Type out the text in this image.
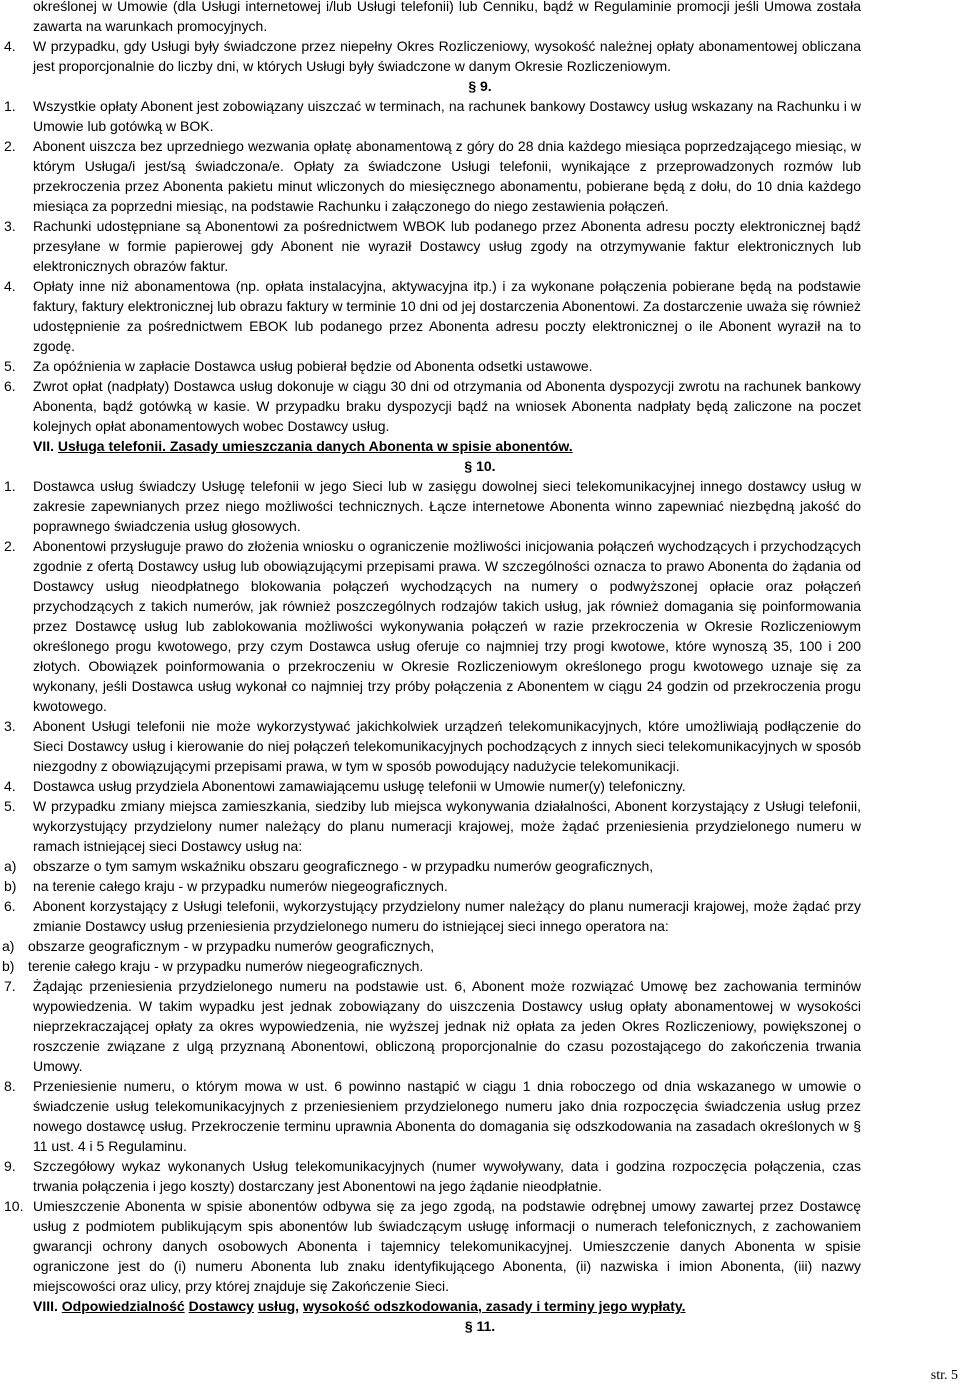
określonej w Umowie (dla Usługi internetowej i/lub Usługi telefonii) lub Cenniku, bądź w Regulaminie promocji jeśli Umowa została zawarta na warunkach promocyjnych.
4. W przypadku, gdy Usługi były świadczone przez niepełny Okres Rozliczeniowy, wysokość należnej opłaty abonamentowej obliczana jest proporcjonalnie do liczby dni, w których Usługi były świadczone w danym Okresie Rozliczeniowym.
§ 9.
1. Wszystkie opłaty Abonent jest zobowiązany uiszczać w terminach, na rachunek bankowy Dostawcy usług wskazany na Rachunku i w Umowie lub gotówką w BOK.
2. Abonent uiszcza bez uprzedniego wezwania opłatę abonamentową z góry do 28 dnia każdego miesiąca poprzedzającego miesiąc, w którym Usługa/i jest/są świadczona/e. Opłaty za świadczone Usługi telefonii, wynikające z przeprowadzonych rozmów lub przekroczenia przez Abonenta pakietu minut wliczonych do miesięcznego abonamentu, pobierane będą z dołu, do 10 dnia każdego miesiąca za poprzedni miesiąc, na podstawie Rachunku i załączonego do niego zestawienia połączeń.
3. Rachunki udostępniane są Abonentowi za pośrednictwem WBOK lub podanego przez Abonenta adresu poczty elektronicznej bądź przesyłane w formie papierowej gdy Abonent nie wyraził Dostawcy usług zgody na otrzymywanie faktur elektronicznych lub elektronicznych obrazów faktur.
4. Opłaty inne niż abonamentowa (np. opłata instalacyjna, aktywacyjna itp.) i za wykonane połączenia pobierane będą na podstawie faktury, faktury elektronicznej lub obrazu faktury w terminie 10 dni od jej dostarczenia Abonentowi. Za dostarczenie uważa się również udostępnienie za pośrednictwem EBOK lub podanego przez Abonenta adresu poczty elektronicznej o ile Abonent wyraził na to zgodę.
5. Za opóźnienia w zapłacie Dostawca usług pobierał będzie od Abonenta odsetki ustawowe.
6. Zwrot opłat (nadpłaty) Dostawca usług dokonuje w ciągu 30 dni od otrzymania od Abonenta dyspozycji zwrotu na rachunek bankowy Abonenta, bądź gotówką w kasie. W przypadku braku dyspozycji bądź na wniosek Abonenta nadpłaty będą zaliczone na poczet kolejnych opłat abonamentowych wobec Dostawcy usług.
VII. Usługa telefonii. Zasady umieszczania danych Abonenta w spisie abonentów.
§ 10.
1. Dostawca usług świadczy Usługę telefonii w jego Sieci lub w zasięgu dowolnej sieci telekomunikacyjnej innego dostawcy usług w zakresie zapewnianych przez niego możliwości technicznych. Łącze internetowe Abonenta winno zapewniać niezbędną jakość do poprawnego świadczenia usług głosowych.
2. Abonentowi przysługuje prawo do złożenia wniosku o ograniczenie możliwości inicjowania połączeń wychodzących i przychodzących zgodnie z ofertą Dostawcy usług lub obowiązującymi przepisami prawa. W szczególności oznacza to prawo Abonenta do żądania od Dostawcy usług nieodpłatnego blokowania połączeń wychodzących na numery o podwyższonej opłacie oraz połączeń przychodzących z takich numerów, jak również poszczególnych rodzajów takich usług, jak również domagania się poinformowania przez Dostawcę usług lub zablokowania możliwości wykonywania połączeń w razie przekroczenia w Okresie Rozliczeniowym określonego progu kwotowego, przy czym Dostawca usług oferuje co najmniej trzy progi kwotowe, które wynoszą 35, 100 i 200 złotych. Obowiązek poinformowania o przekroczeniu w Okresie Rozliczeniowym określonego progu kwotowego uznaje się za wykonany, jeśli Dostawca usług wykonał co najmniej trzy próby połączenia z Abonentem w ciągu 24 godzin od przekroczenia progu kwotowego.
3. Abonent Usługi telefonii nie może wykorzystywać jakichkolwiek urządzeń telekomunikacyjnych, które umożliwiają podłączenie do Sieci Dostawcy usług i kierowanie do niej połączeń telekomunikacyjnych pochodzących z innych sieci telekomunikacyjnych w sposób niezgodny z obowiązującymi przepisami prawa, w tym w sposób powodujący nadużycie telekomunikacji.
4. Dostawca usług przydziela Abonentowi zamawiającemu usługę telefonii w Umowie numer(y) telefoniczny.
5. W przypadku zmiany miejsca zamieszkania, siedziby lub miejsca wykonywania działalności, Abonent korzystający z Usługi telefonii, wykorzystujący przydzielony numer należący do planu numeracji krajowej, może żądać przeniesienia przydzielonego numeru w ramach istniejącej sieci Dostawcy usług na:
a) obszarze o tym samym wskaźniku obszaru geograficznego - w przypadku numerów geograficznych,
b) na terenie całego kraju - w przypadku numerów niegeograficznych.
6. Abonent korzystający z Usługi telefonii, wykorzystujący przydzielony numer należący do planu numeracji krajowej, może żądać przy zmianie Dostawcy usług przeniesienia przydzielonego numeru do istniejącej sieci innego operatora na:
a) obszarze geograficznym - w przypadku numerów geograficznych,
b) terenie całego kraju - w przypadku numerów niegeograficznych.
7. Żądając przeniesienia przydzielonego numeru na podstawie ust. 6, Abonent może rozwiązać Umowę bez zachowania terminów wypowiedzenia. W takim wypadku jest jednak zobowiązany do uiszczenia Dostawcy usług opłaty abonamentowej w wysokości nieprzekraczającej opłaty za okres wypowiedzenia, nie wyższej jednak niż opłata za jeden Okres Rozliczeniowy, powiększonej o roszczenie związane z ulgą przyznaną Abonentowi, obliczoną proporcjonalnie do czasu pozostającego do zakończenia trwania Umowy.
8. Przeniesienie numeru, o którym mowa w ust. 6 powinno nastąpić w ciągu 1 dnia roboczego od dnia wskazanego w umowie o świadczenie usług telekomunikacyjnych z przeniesieniem przydzielonego numeru jako dnia rozpoczęcia świadczenia usług przez nowego dostawcę usług. Przekroczenie terminu uprawnia Abonenta do domagania się odszkodowania na zasadach określonych w § 11 ust. 4 i 5 Regulaminu.
9. Szczegółowy wykaz wykonanych Usług telekomunikacyjnych (numer wywoływany, data i godzina rozpoczęcia połączenia, czas trwania połączenia i jego koszty) dostarczany jest Abonentowi na jego żądanie nieodpłatnie.
10. Umieszczenie Abonenta w spisie abonentów odbywa się za jego zgodą, na podstawie odrębnej umowy zawartej przez Dostawcę usług z podmiotem publikującym spis abonentów lub świadczącym usługę informacji o numerach telefonicznych, z zachowaniem gwarancji ochrony danych osobowych Abonenta i tajemnicy telekomunikacyjnej. Umieszczenie danych Abonenta w spisie ograniczone jest do (i) numeru Abonenta lub znaku identyfikującego Abonenta, (ii) nazwiska i imion Abonenta, (iii) nazwy miejscowości oraz ulicy, przy której znajduje się Zakończenie Sieci.
VIII. Odpowiedzialność Dostawcy usług, wysokość odszkodowania, zasady i terminy jego wypłaty.
§ 11.
str. 5
